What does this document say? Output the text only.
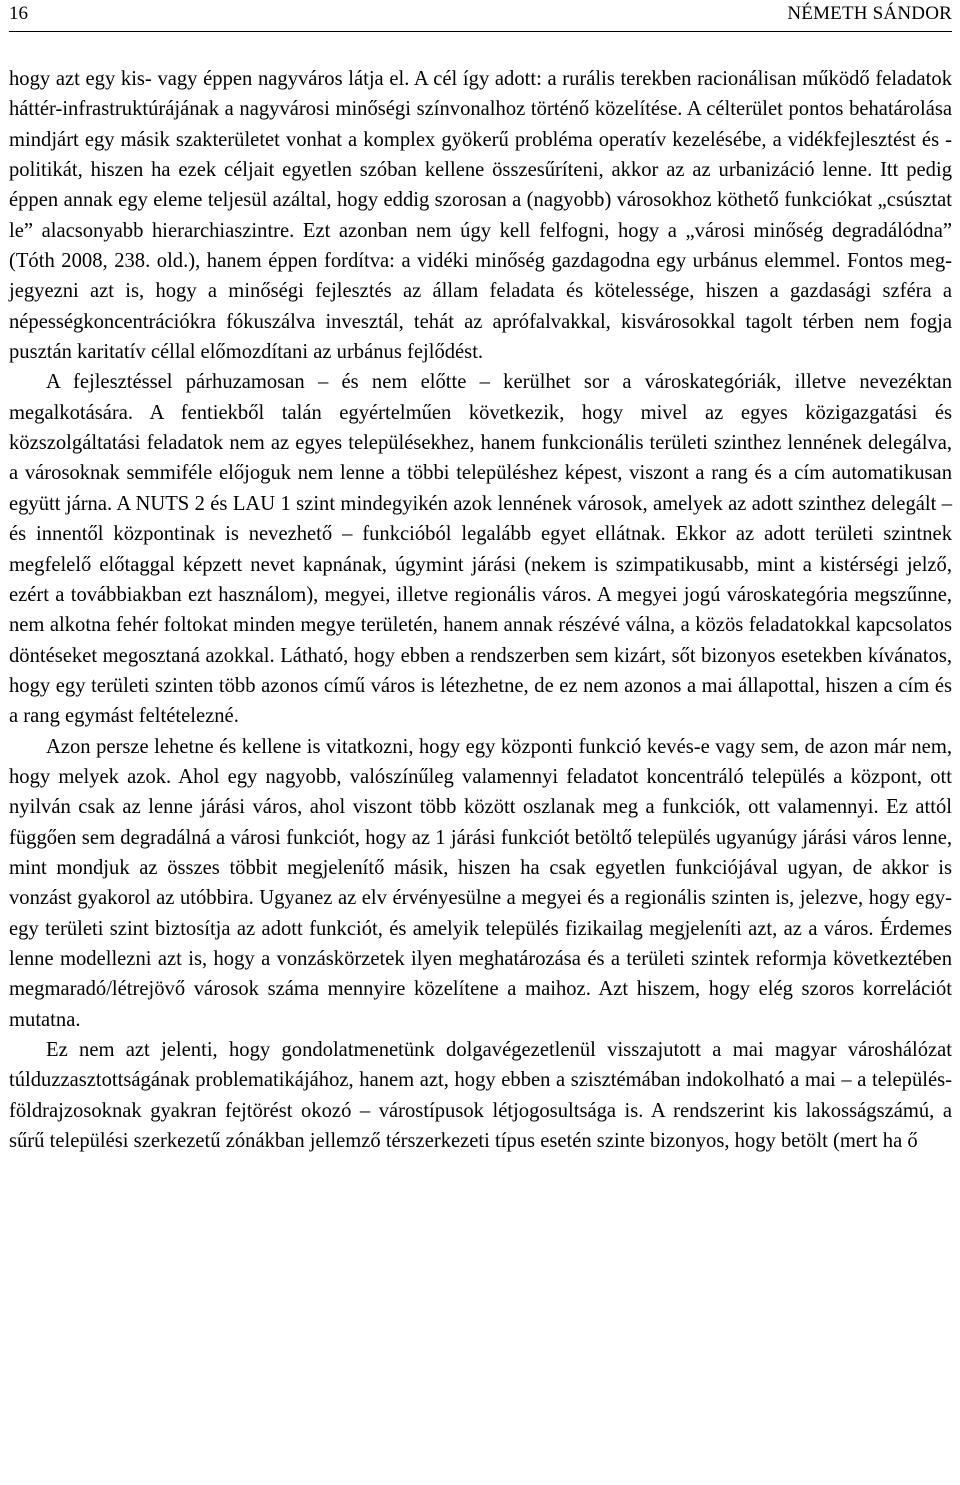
16	NÉMETH SÁNDOR

hogy azt egy kis- vagy éppen nagyváros látja el. A cél így adott: a rurális terekben racionálisan működő feladatok háttér-infrastruktúrájának a nagyvárosi minőségi színvonalhoz történő közelítése. A célterület pontos behatárolása mindjárt egy másik szakterületet vonhat a komplex gyökerű probléma operatív kezelésébe, a vidékfejlesztést és -politikát, hiszen ha ezek céljait egyetlen szóban kellene összesűríteni, akkor az az urbanizáció lenne. Itt pedig éppen annak egy eleme teljesül azáltal, hogy eddig szorosan a (nagyobb) városokhoz köthető funkciókat „csúsztat le” alacsonyabb hierarchiaszintre. Ezt azonban nem úgy kell felfogni, hogy a „városi minőség degradálódna” (Tóth 2008, 238. old.), hanem éppen fordítva: a vidéki minőség gazdagodna egy urbánus elemmel. Fontos megjegyezni azt is, hogy a minőségi fejlesztés az állam feladata és kötelessége, hiszen a gazdasági szféra a népességkoncentrációkra fókuszálva invesztál, tehát az aprófalvakkal, kisvárosokkal tagolt térben nem fogja pusztán karitatív céllal előmozdítani az urbánus fejlődést.

A fejlesztéssel párhuzamosan – és nem előtte – kerülhet sor a városkategóriák, illetve nevezéktan megalkotására. A fentiekből talán egyértelműen következik, hogy mivel az egyes közigazgatási és közszolgáltatási feladatok nem az egyes településekhez, hanem funkcionális területi szinthez lennének delegálva, a városoknak semmiféle előjoguk nem lenne a többi településhez képest, viszont a rang és a cím automatikusan együtt járna. A NUTS 2 és LAU 1 szint mindegyikén azok lennének városok, amelyek az adott szinthez delegált – és innentől központinak is nevezhető – funkcióból legalább egyet ellátnak. Ekkor az adott területi szintnek megfelelő előtaggal képzett nevet kapnának, úgymint járási (nekem is szimpatikusabb, mint a kistérségi jelző, ezért a továbbiakban ezt használom), megyei, illetve regionális város. A megyei jogú városkategória megszűnne, nem alkotna fehér foltokat minden megye területén, hanem annak részévé válna, a közös feladatokkal kapcsolatos döntéseket megosztaná azokkal. Látható, hogy ebben a rendszerben sem kizárt, sőt bizonyos esetekben kívánatos, hogy egy területi szinten több azonos című város is létezhetne, de ez nem azonos a mai állapottal, hiszen a cím és a rang egymást feltételezné.

Azon persze lehetne és kellene is vitatkozni, hogy egy központi funkció kevés-e vagy sem, de azon már nem, hogy melyek azok. Ahol egy nagyobb, valószínűleg valamennyi feladatot koncentráló település a központ, ott nyilván csak az lenne járási város, ahol viszont több között oszlanak meg a funkciók, ott valamennyi. Ez attól függően sem degradálná a városi funkciót, hogy az 1 járási funkciót betöltő település ugyanúgy járási város lenne, mint mondjuk az összes többit megjelenítő másik, hiszen ha csak egyetlen funkciójával ugyan, de akkor is vonzást gyakorol az utóbbira. Ugyanez az elv érvényesülne a megyei és a regionális szinten is, jelezve, hogy egy-egy területi szint biztosítja az adott funkciót, és amelyik település fizikailag megjeleníti azt, az a város. Érdemes lenne modellezni azt is, hogy a vonzáskörzetek ilyen meghatározása és a területi szintek reformja következtében megmaradó/létrejövő városok száma mennyire közelítene a maihoz. Azt hiszem, hogy elég szoros korrelációt mutatna.

Ez nem azt jelenti, hogy gondolatmenetünk dolgavégezetlenül visszajutott a mai magyar városhálózat túlduzzasztottságának problematikájához, hanem azt, hogy ebben a szisztémában indokolható a mai – a település-földrajzosoknak gyakran fejtörést okozó – várostípusok létjogosultsága is. A rendszerint kis lakosságszámú, a sűrű települési szerkezetű zónákban jellemző térszerkezeti típus esetén szinte bizonyos, hogy betölt (mert ha ő
